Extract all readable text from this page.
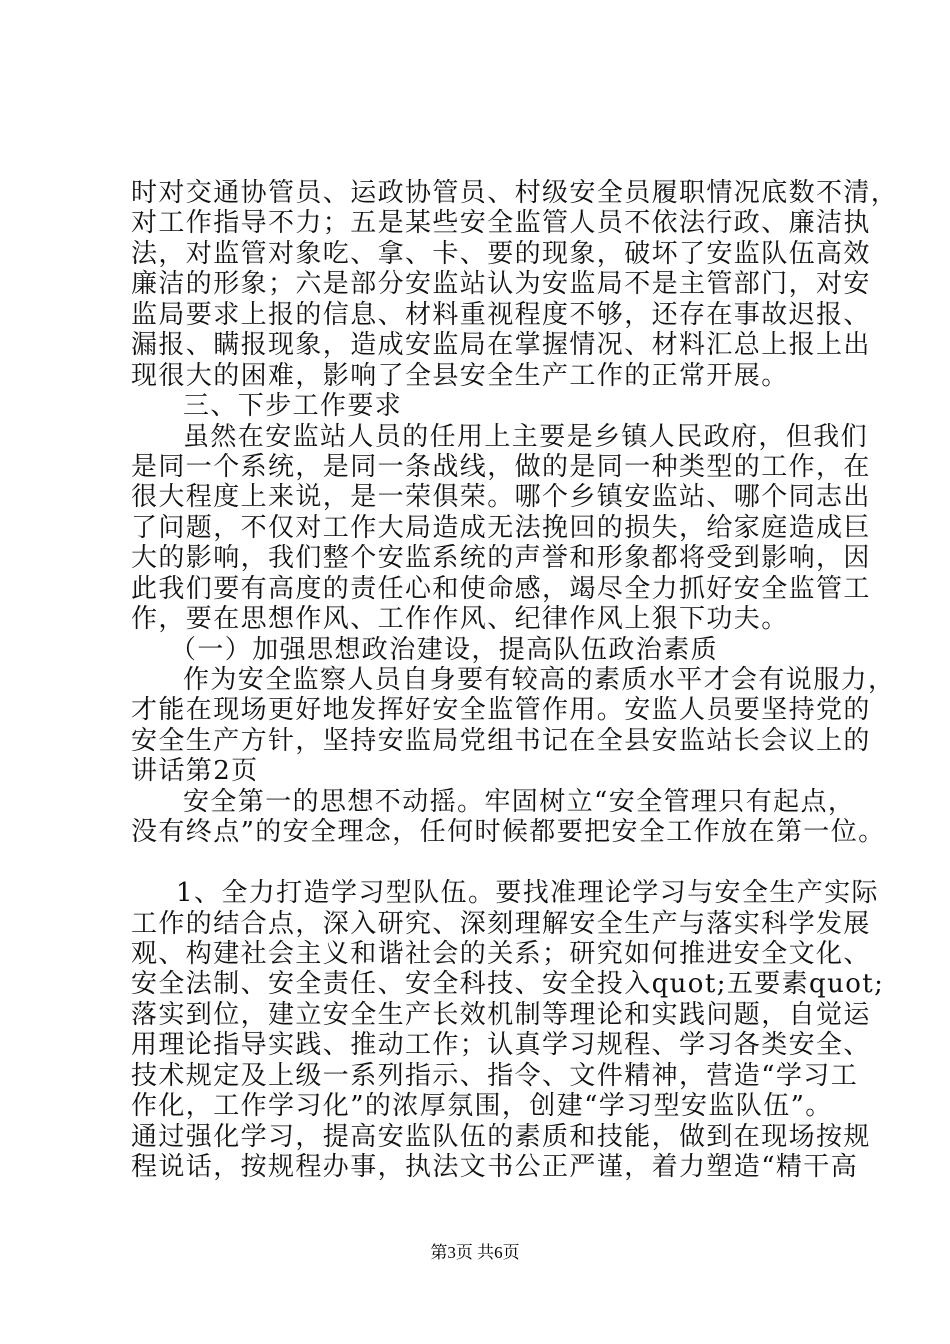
时对交通协管员、运政协管员、村级安全员履职情况底数不清，
对工作指导不力；五是某些安全监管人员不依法行政、廉洁执
法，对监管对象吃、拿、卡、要的现象，破坏了安监队伍高效
廉洁的形象；六是部分安监站认为安监局不是主管部门，对安
监局要求上报的信息、材料重视程度不够，还存在事故迟报、
漏报、瞒报现象，造成安监局在掌握情况、材料汇总上报上出
现很大的困难，影响了全县安全生产工作的正常开展。
三、下步工作要求
虽然在安监站人员的任用上主要是乡镇人民政府，但我们
是同一个系统，是同一条战线，做的是同一种类型的工作，在
很大程度上来说，是一荣俱荣。哪个乡镇安监站、哪个同志出
了问题，不仅对工作大局造成无法挽回的损失，给家庭造成巨
大的影响，我们整个安监系统的声誉和形象都将受到影响，因
此我们要有高度的责任心和使命感，竭尽全力抓好安全监管工
作，要在思想作风、工作作风、纪律作风上狠下功夫。
（一）加强思想政治建设，提高队伍政治素质
作为安全监察人员自身要有较高的素质水平才会有说服力，
才能在现场更好地发挥好安全监管作用。安监人员要坚持党的
安全生产方针，坚持安监局党组书记在全县安监站长会议上的
讲话第2页
安全第一的思想不动摇。牢固树立“安全管理只有起点，
没有终点”的安全理念，任何时候都要把安全工作放在第一位。
1、全力打造学习型队伍。要找准理论学习与安全生产实际
工作的结合点，深入研究、深刻理解安全生产与落实科学发展
观、构建社会主义和谐社会的关系；研究如何推进安全文化、
安全法制、安全责任、安全科技、安全投入quot;五要素quot;
落实到位，建立安全生产长效机制等理论和实践问题，自觉运
用理论指导实践、推动工作；认真学习规程、学习各类安全、
技术规定及上级一系列指示、指令、文件精神，营造“学习工
作化，工作学习化”的浓厚氛围，创建“学习型安监队伍”。
通过强化学习，提高安监队伍的素质和技能，做到在现场按规
程说话，按规程办事，执法文书公正严谨，着力塑造“精干高
第3页 共6页
